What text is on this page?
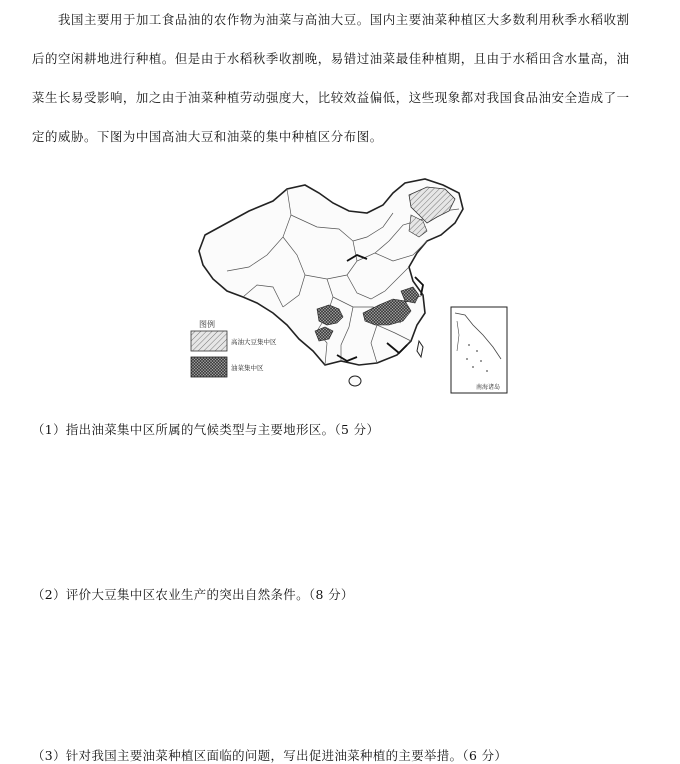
我国主要用于加工食品油的农作物为油菜与高油大豆。国内主要油菜种植区大多数利用秋季水稻收割
后的空闲耕地进行种植。但是由于水稻秋季收割晚，易错过油菜最佳种植期，且由于水稻田含水量高，油
菜生长易受影响，加之由于油菜种植劳动强度大，比较效益偏低，这些现象都对我国食品油安全造成了一
定的威胁。下图为中国高油大豆和油菜的集中种植区分布图。
图例
高油大豆集中区
油菜集中区
南海诸岛
（1）指出油菜集中区所属的气候类型与主要地形区。（5 分）
（2）评价大豆集中区农业生产的突出自然条件。（8 分）
（3）针对我国主要油菜种植区面临的问题，写出促进油菜种植的主要举措。（6 分）
